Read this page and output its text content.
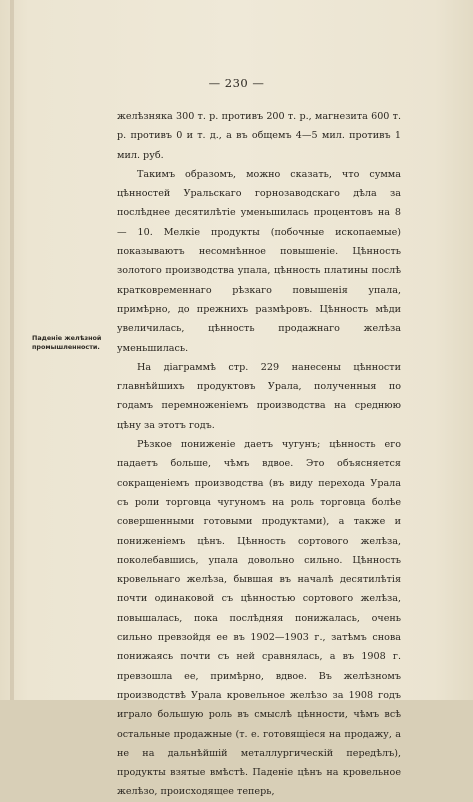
— 230 —
Паденіе желѣзной
промышленности.

желѣзняка 300 т. р. противъ 200 т. р., магнезита 600 т. р. противъ 0 и т. д., а въ общемъ 4—5 мил. противъ 1 мил. руб.

Такимъ образомъ, можно сказать, что сумма цѣнностей Уральскаго горнозаводскаго дѣла за послѣднее десятилѣтіе уменьшилась процентовъ на 8 — 10. Мелкіе продукты (побочные ископаемые) показываютъ несомнѣнное повышеніе. Цѣнность золотого производства упала, цѣнность платины послѣ кратковременнаго рѣзкаго повышенія упала, примѣрно, до прежнихъ размѣровъ. Цѣнность мѣди увеличилась, цѣнность продажнаго желѣза уменьшилась.

На діаграммѣ стр. 229 нанесены цѣнности главнѣйшихъ продуктовъ Урала, полученныя по годамъ перемноженіемъ производства на среднюю цѣну за этотъ годъ.

Рѣзкое пониженіе даетъ чугунъ; цѣнность его падаетъ больше, чѣмъ вдвое. Это объясняется сокращеніемъ производства (въ виду перехода Урала съ роли торговца чугуномъ на роль торговца болѣе совершенными готовыми продуктами), а также и пониженіемъ цѣнъ. Цѣнность сортового желѣза, поколебавшись, упала довольно сильно. Цѣнность кровельнаго желѣза, бывшая въ началѣ десятилѣтія почти одинаковой съ цѣнностью сортового желѣза, повышалась, пока послѣдняя понижалась, очень сильно превзойдя ее въ 1902—1903 г., затѣмъ снова понижаясь почти съ ней сравнялась, а въ 1908 г. превзошла ее, примѣрно, вдвое. Въ желѣзномъ производствѣ Урала кровельное желѣзо за 1908 годъ играло большую роль въ смыслѣ цѣнности, чѣмъ всѣ остальные продажные (т. е. готовящіеся на продажу, а не на дальнѣйшій металлургическій передѣлъ), продукты взятые вмѣстѣ. Паденіе цѣнъ на кровельное желѣзо, происходящее теперь,
